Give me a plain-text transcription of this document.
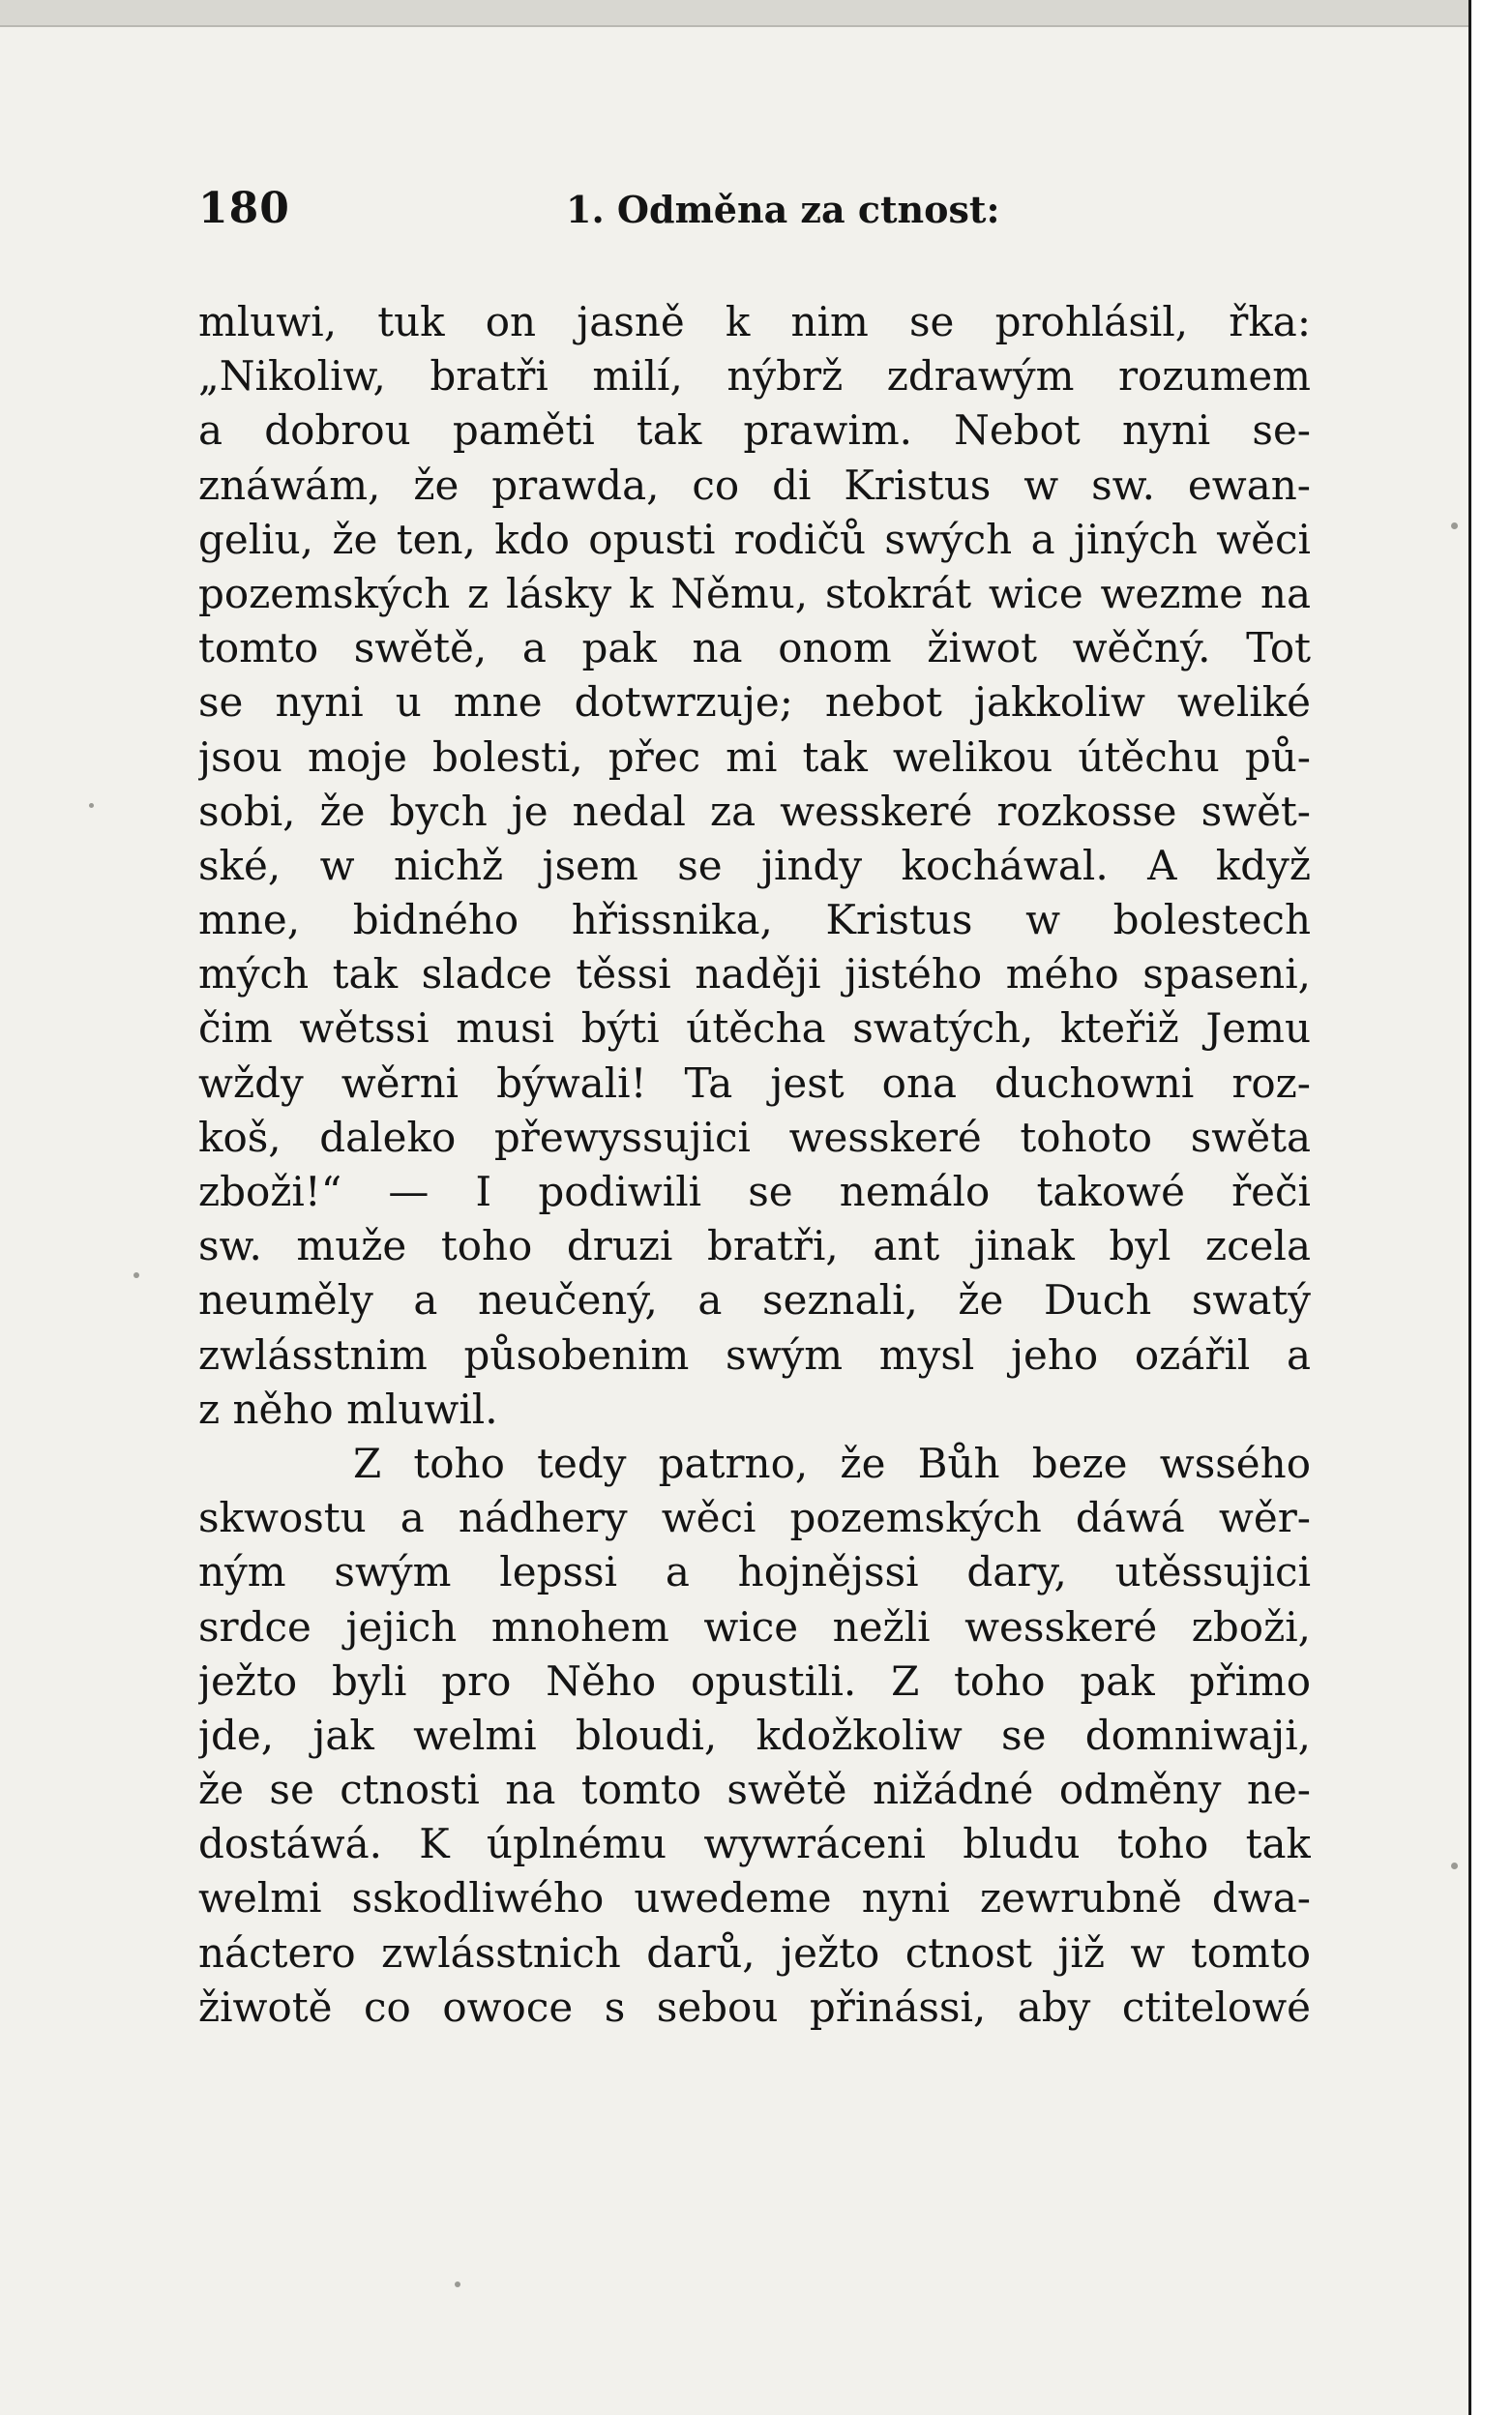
180	1. Odměna za ctnost:
mluwi, tuk on jasně k nim se prohlásil, řka:
„Nikoliw, bratři milí, nýbrž zdrawým rozumem
a dobrou paměti tak prawim. Nebot nyni se-
znáwám, že prawda, co di Kristus w sw. ewan-
geliu, že ten, kdo opusti rodičů swých a jiných wěci
pozemských z lásky k Němu, stokrát wice wezme na
tomto swětě, a pak na onom žiwot wěčný. Tot
se nyni u mne dotwrzuje; nebot jakkoliw weliké
jsou moje bolesti, přec mi tak welikou útěchu pů-
sobi, že bych je nedal za wesskeré rozkosse swět-
ské, w nichž jsem se jindy kocháwal. A když
mne, bidného hřissnika, Kristus w bolestech
mých tak sladce těssi naději jistého mého spaseni,
čim wětssi musi býti útěcha swatých, kteřiž Jemu
wždy wěrni býwali! Ta jest ona duchowni roz-
koš, daleko přewyssujici wesskeré tohoto swěta
zboži!“ — I podiwili se nemálo takowé řeči
sw. muže toho druzi bratři, ant jinak byl zcela
neuměly a neučený, a seznali, že Duch swatý
zwlásstnim působenim swým mysl jeho ozářil a
z něho mluwil.
Z toho tedy patrno, že Bůh beze wssého
skwostu a nádhery wěci pozemských dáwá wěr-
ným swým lepssi a hojnějssi dary, utěssujici
srdce jejich mnohem wice nežli wesskeré zboži,
ježto byli pro Něho opustili. Z toho pak přimo
jde, jak welmi bloudi, kdožkoliw se domniwaji,
že se ctnosti na tomto swětě nižádné odměny ne-
dostáwá. K úplnému wywráceni bludu toho tak
welmi sskodliwého uwedeme nyni zewrubně dwa-
náctero zwlásstnich darů, ježto ctnost již w tomto
žiwotě co owoce s sebou přinássi, aby ctitelowé
